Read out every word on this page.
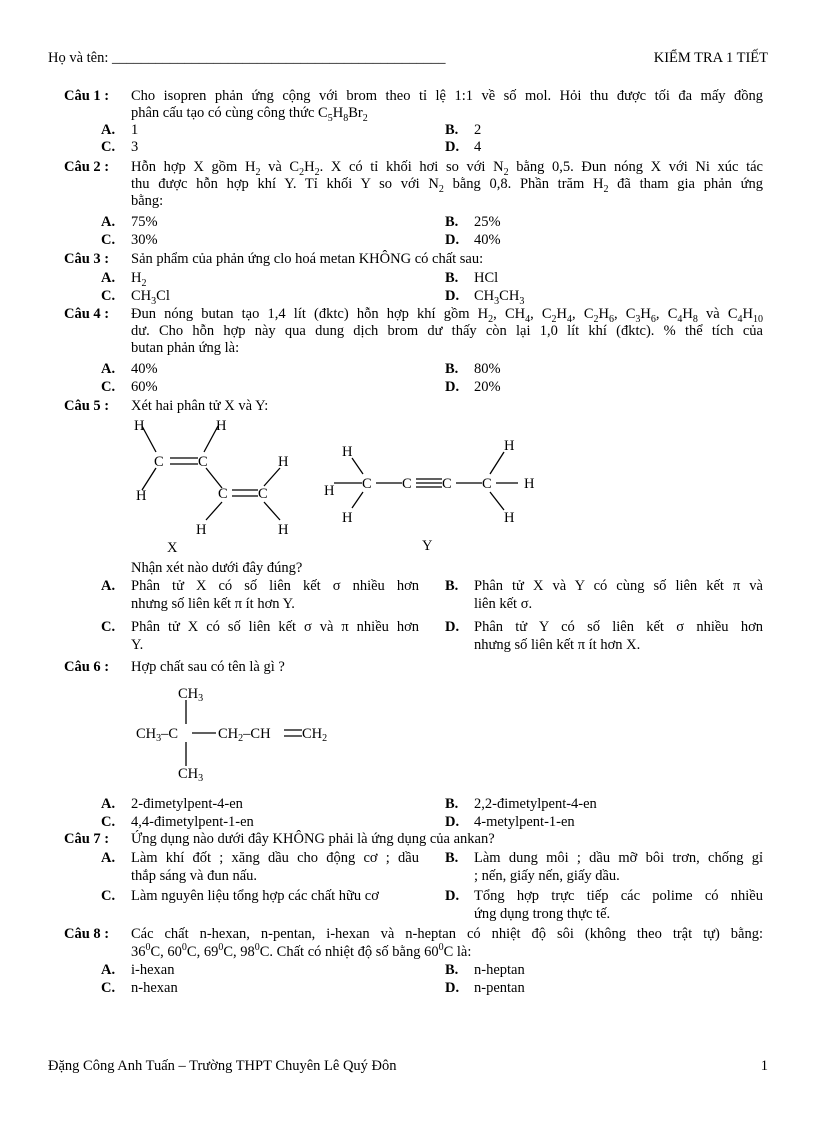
Họ và tên: ______________________________________________	KIỂM TRA 1 TIẾT
Câu 1 : Cho isopren phản ứng cộng với brom theo tỉ lệ 1:1 về số mol. Hỏi thu được tối đa mấy đồng
phân cấu tạo có cùng công thức $C_5H_8Br_2$
A. 1	B. 2
C. 3	D. 4
Câu 2 : Hỗn hợp X gồm $H_2$ và $C_2H_2$. X có tỉ khối hơi so với $N_2$ bằng 0,5. Đun nóng X với Ni xúc tác
thu được hỗn hợp khí Y. Tỉ khối Y so với $N_2$ bằng 0,8. Phần trăm $H_2$ đã tham gia phản ứng
bằng:
A. 75%	B. 25%
C. 30%	D. 40%
Câu 3 : Sản phẩm của phản ứng clo hoá metan KHÔNG có chất sau:
A. $H_2$	B. HCl
C. $CH_3Cl$	D. $CH_3CH_3$
Câu 4 : Đun nóng butan tạo 1,4 lít (đktc) hỗn hợp khí gồm $H_2$, $CH_4$, $C_2H_4$, $C_2H_6$, $C_3H_6$, $C_4H_8$ và $C_4H_{10}$
dư. Cho hỗn hợp này qua dung dịch brom dư thấy còn lại 1,0 lít khí (đktc). % thể tích của
butan phản ứng là:
A. 40%	B. 80%
C. 60%	D. 20%
Câu 5 : Xét hai phân tử X và Y:
H	H
C C
H
H
C C
H	H
X
H
H C C C C
H
H
H
H
Y
Nhận xét nào dưới đây đúng?
A. Phân tử X có số liên kết σ nhiều hơn
nhưng số liên kết π ít hơn Y.
B. Phân tử X và Y có cùng số liên kết π và
liên kết σ.
C. Phân tử X có số liên kết σ và π nhiều hơn
Y.
D. Phân tử Y có số liên kết σ nhiều hơn
nhưng số liên kết π ít hơn X.
Câu 6 : Hợp chất sau có tên là gì ?
$CH_3$
$CH_3-C$	$CH_2-CH$ $CH_2$
$CH_3$
A. 2-đimetylpent-4-en	B. 2,2-đimetylpent-4-en
C. 4,4-đimetylpent-1-en	D. 4-metylpent-1-en
Câu 7 : Ứng dụng nào dưới đây KHÔNG phải là ứng dụng của ankan?
A. Làm khí đốt ; xăng dầu cho động cơ ; dầu
thắp sáng và đun nấu.
B. Làm dung môi ; dầu mỡ bôi trơn, chống gỉ
; nến, giấy nến, giấy dầu.
C. Làm nguyên liệu tổng hợp các chất hữu cơ	D. Tổng hợp trực tiếp các polime có nhiều
ứng dụng trong thực tế.
Câu 8 : Các chất n-hexan, n-pentan, i-hexan và n-heptan có nhiệt độ sôi (không theo trật tự) bằng:
$36^0C$, $60^0C$, $69^0C$, $98^0C$. Chất có nhiệt độ số bằng $60^0C$ là:
A. i-hexan	B. n-heptan
C. n-hexan	D. n-pentan
Đặng Công Anh Tuấn – Trường THPT Chuyên Lê Quý Đôn	1
